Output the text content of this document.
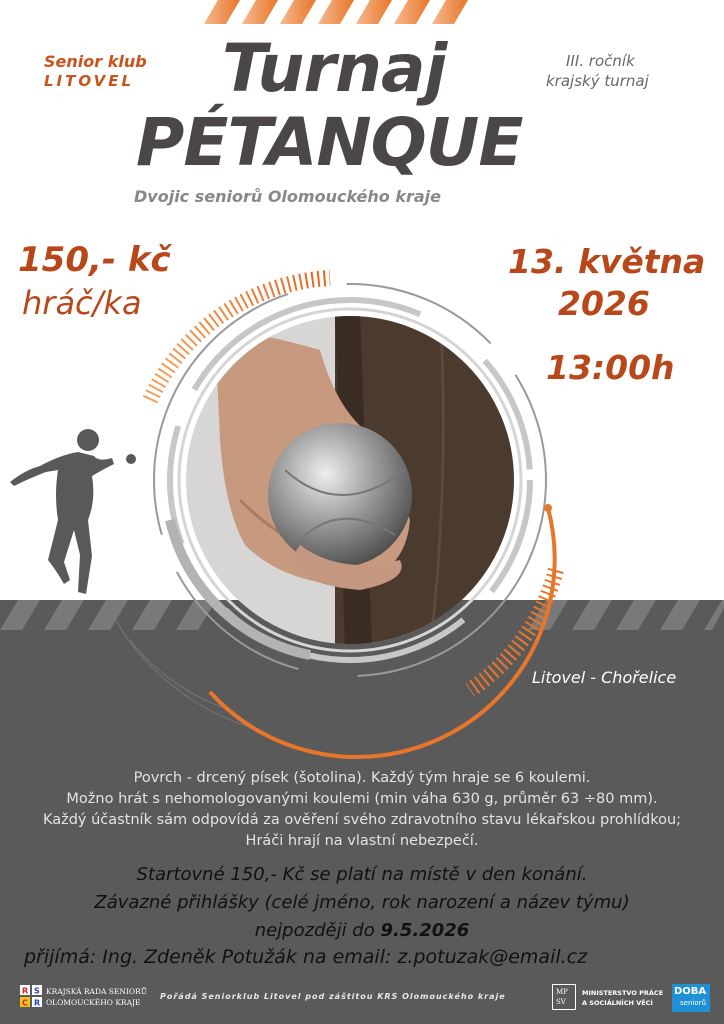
Senior klub
LITOVEL Turnaj
PÉTANQUE
Dvojic seniorů Olomouckého kraje
III. ročník
krajský turnaj
150,- kč
hráč/ka
13. května
2026
13:00h
Litovel - Chořelice
Povrch - drcený písek (šotolina). Každý tým hraje se 6 koulemi.
Možno hrát s nehomologovanými koulemi (min váha 630 g, průměr 63 ÷80 mm).
Každý účastník sám odpovídá za ověření svého zdravotního stavu lékařskou prohlídkou;
Hráči hrají na vlastní nebezpečí.
Startovné 150,- Kč se platí na místě v den konání.
Závazné přihlášky (celé jméno, rok narození a název týmu)
nejpozději do 9.5.2026
přijímá: Ing. Zdeněk Potužák na email: z.potuzak@email.cz
R S
C R
KRAJSKÁ RADA SENIORŮ
OLOMOUCKÉHO KRAJE
Pořádá Seniorklub Litovel pod záštitou KRS Olomouckého kraje	MP
SV
MINISTERSTVO PRÁCE
A SOCIÁLNÍCH VĚCÍ
DOBA
seniorů
